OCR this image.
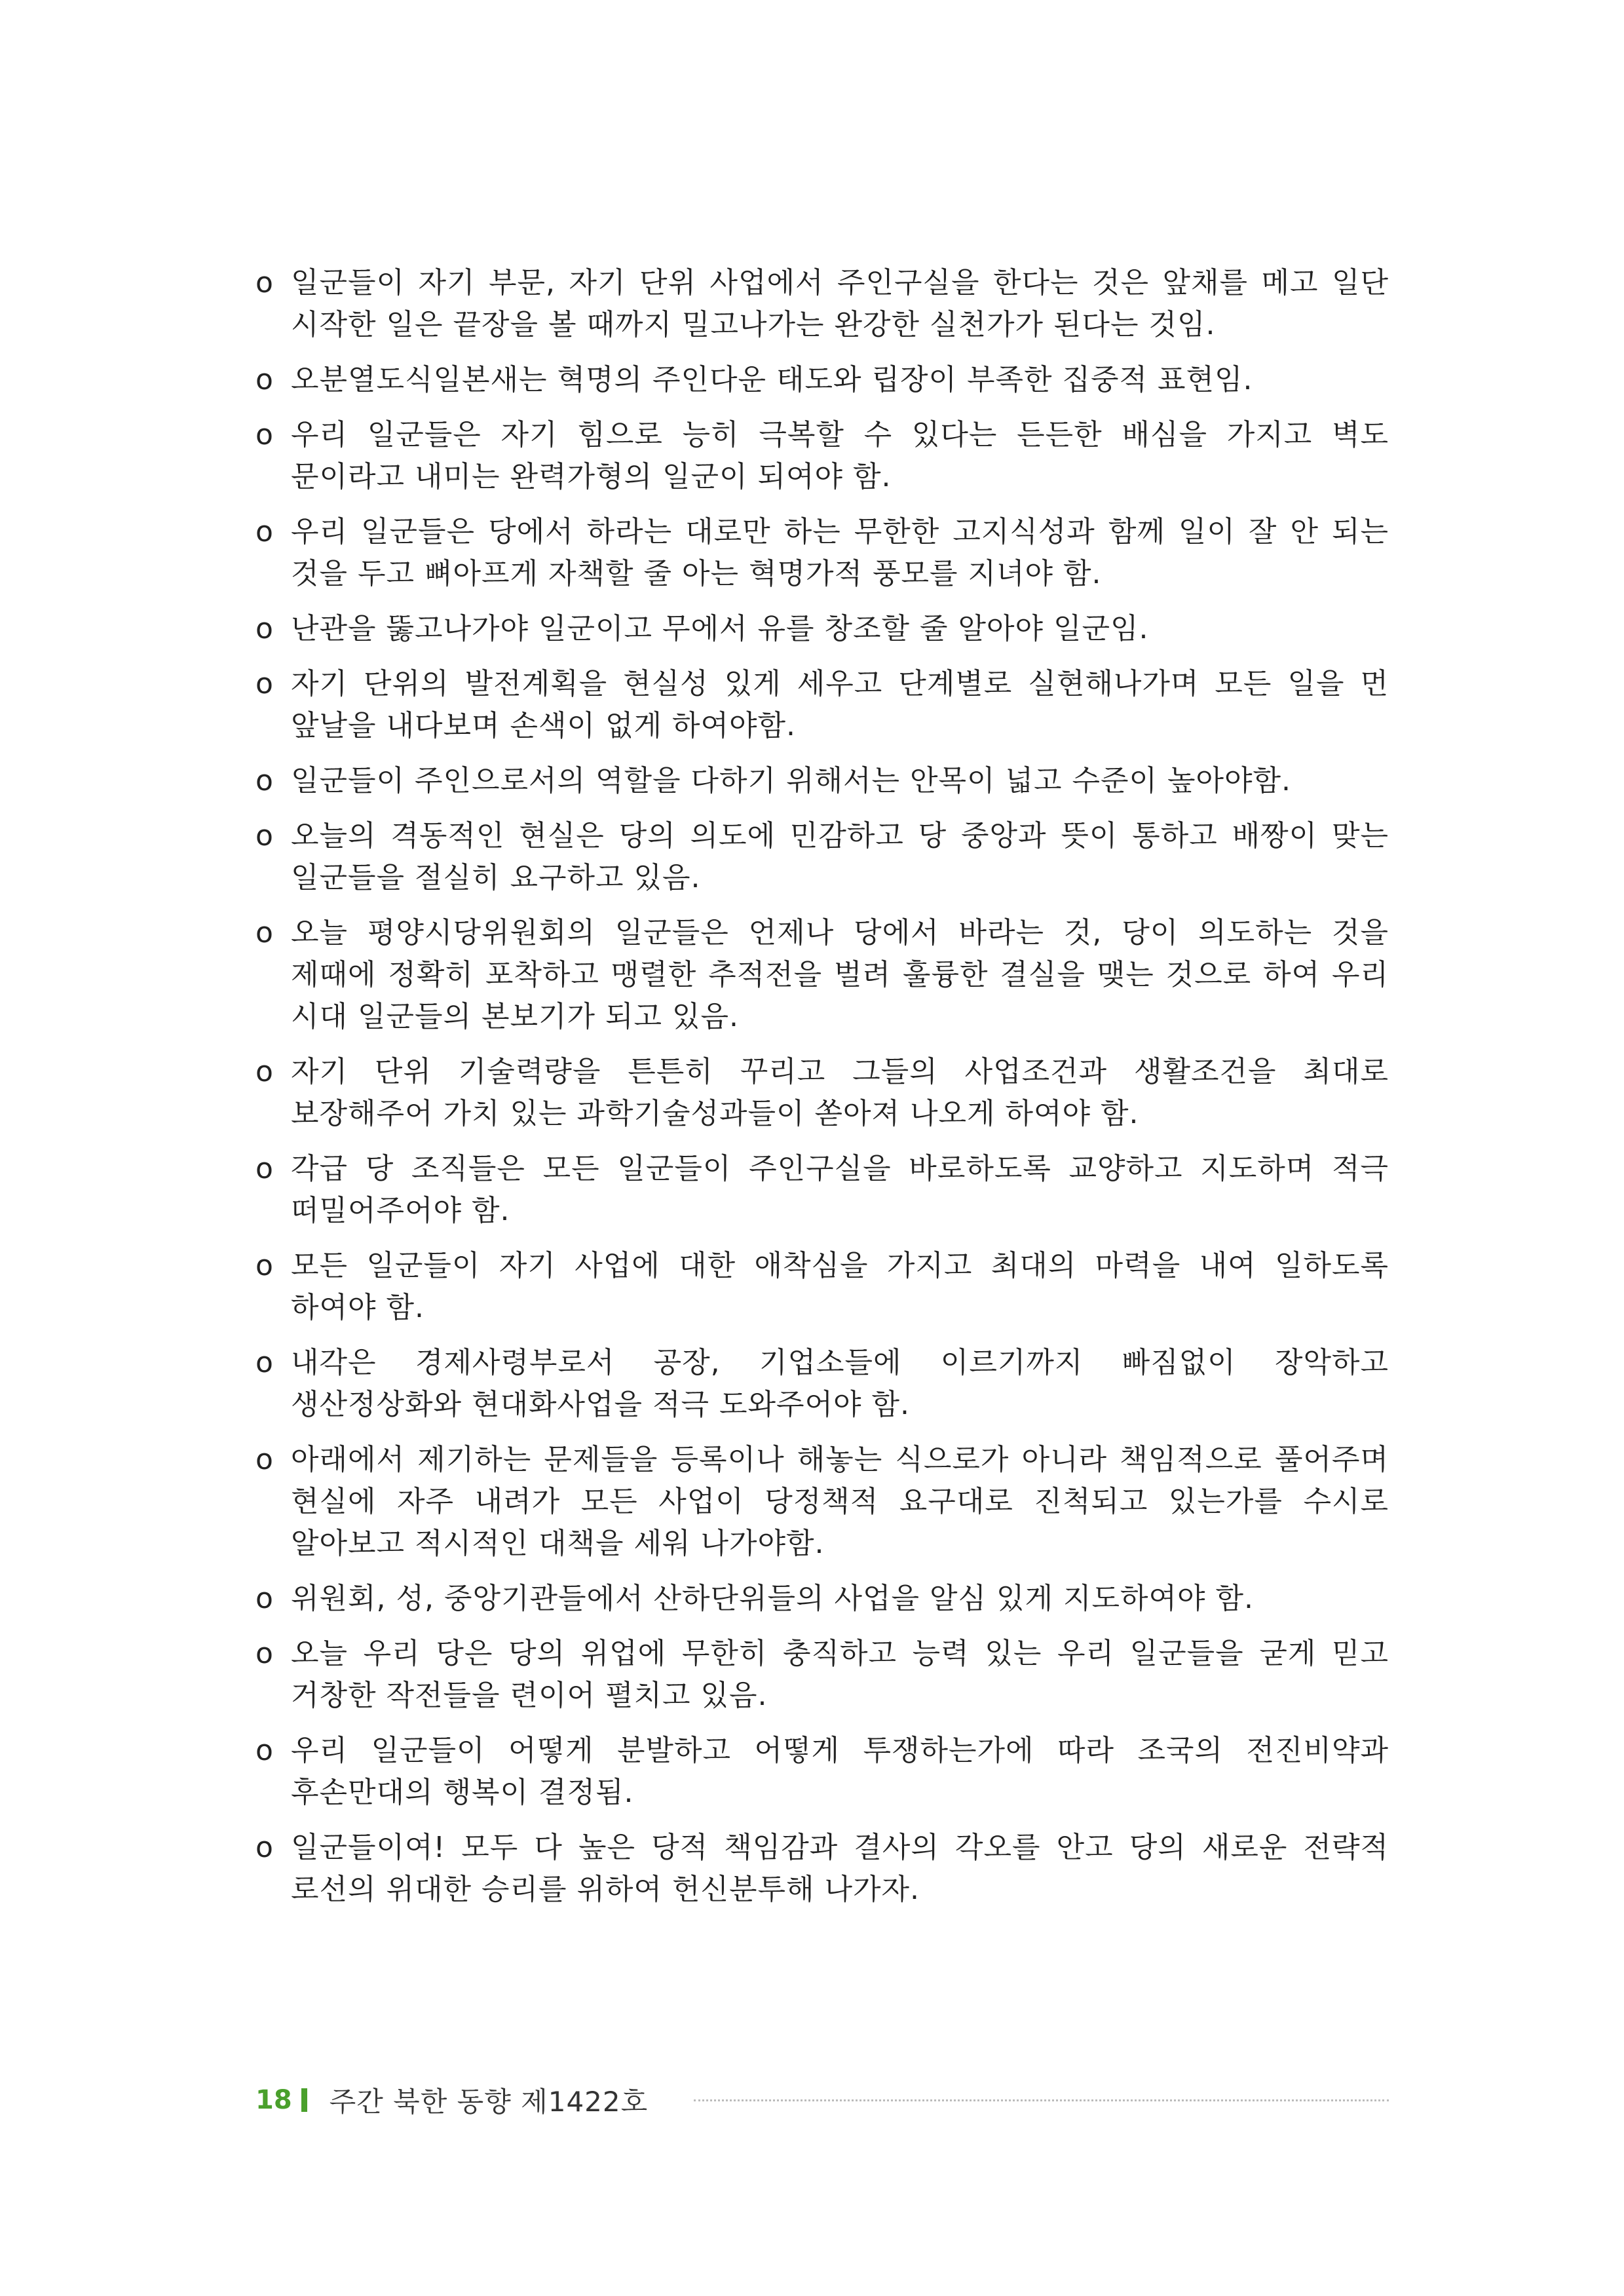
o 일군들이 자기 부문, 자기 단위 사업에서 주인구실을 한다는 것은 앞채를 메고 일단 시작한 일은 끝장을 볼 때까지 밀고나가는 완강한 실천가가 된다는 것임.
o 오분열도식일본새는 혁명의 주인다운 태도와 립장이 부족한 집중적 표현임.
o 우리 일군들은 자기 힘으로 능히 극복할 수 있다는 든든한 배심을 가지고 벽도 문이라고 내미는 완력가형의 일군이 되여야 함.
o 우리 일군들은 당에서 하라는 대로만 하는 무한한 고지식성과 함께 일이 잘 안 되는 것을 두고 뼈아프게 자책할 줄 아는 혁명가적 풍모를 지녀야 함.
o 난관을 뚫고나가야 일군이고 무에서 유를 창조할 줄 알아야 일군임.
o 자기 단위의 발전계획을 현실성 있게 세우고 단계별로 실현해나가며 모든 일을 먼 앞날을 내다보며 손색이 없게 하여야함.
o 일군들이 주인으로서의 역할을 다하기 위해서는 안목이 넓고 수준이 높아야함.
o 오늘의 격동적인 현실은 당의 의도에 민감하고 당 중앙과 뜻이 통하고 배짱이 맞는 일군들을 절실히 요구하고 있음.
o 오늘 평양시당위원회의 일군들은 언제나 당에서 바라는 것, 당이 의도하는 것을 제때에 정확히 포착하고 맹렬한 추적전을 벌려 훌륭한 결실을 맺는 것으로 하여 우리 시대 일군들의 본보기가 되고 있음.
o 자기 단위 기술력량을 튼튼히 꾸리고 그들의 사업조건과 생활조건을 최대로 보장해주어 가치 있는 과학기술성과들이 쏟아져 나오게 하여야 함.
o 각급 당 조직들은 모든 일군들이 주인구실을 바로하도록 교양하고 지도하며 적극 떠밀어주어야 함.
o 모든 일군들이 자기 사업에 대한 애착심을 가지고 최대의 마력을 내여 일하도록 하여야 함.
o 내각은 경제사령부로서 공장, 기업소들에 이르기까지 빠짐없이 장악하고 생산정상화와 현대화사업을 적극 도와주어야 함.
o 아래에서 제기하는 문제들을 등록이나 해놓는 식으로가 아니라 책임적으로 풀어주며 현실에 자주 내려가 모든 사업이 당정책적 요구대로 진척되고 있는가를 수시로 알아보고 적시적인 대책을 세워 나가야함.
o 위원회, 성, 중앙기관들에서 산하단위들의 사업을 알심 있게 지도하여야 함.
o 오늘 우리 당은 당의 위업에 무한히 충직하고 능력 있는 우리 일군들을 굳게 믿고 거창한 작전들을 련이어 펼치고 있음.
o 우리 일군들이 어떻게 분발하고 어떻게 투쟁하는가에 따라 조국의 전진비약과 후손만대의 행복이 결정됨.
o 일군들이여! 모두 다 높은 당적 책임감과 결사의 각오를 안고 당의 새로운 전략적 로선의 위대한 승리를 위하여 헌신분투해 나가자.
18 주간 북한 동향 제1422호
